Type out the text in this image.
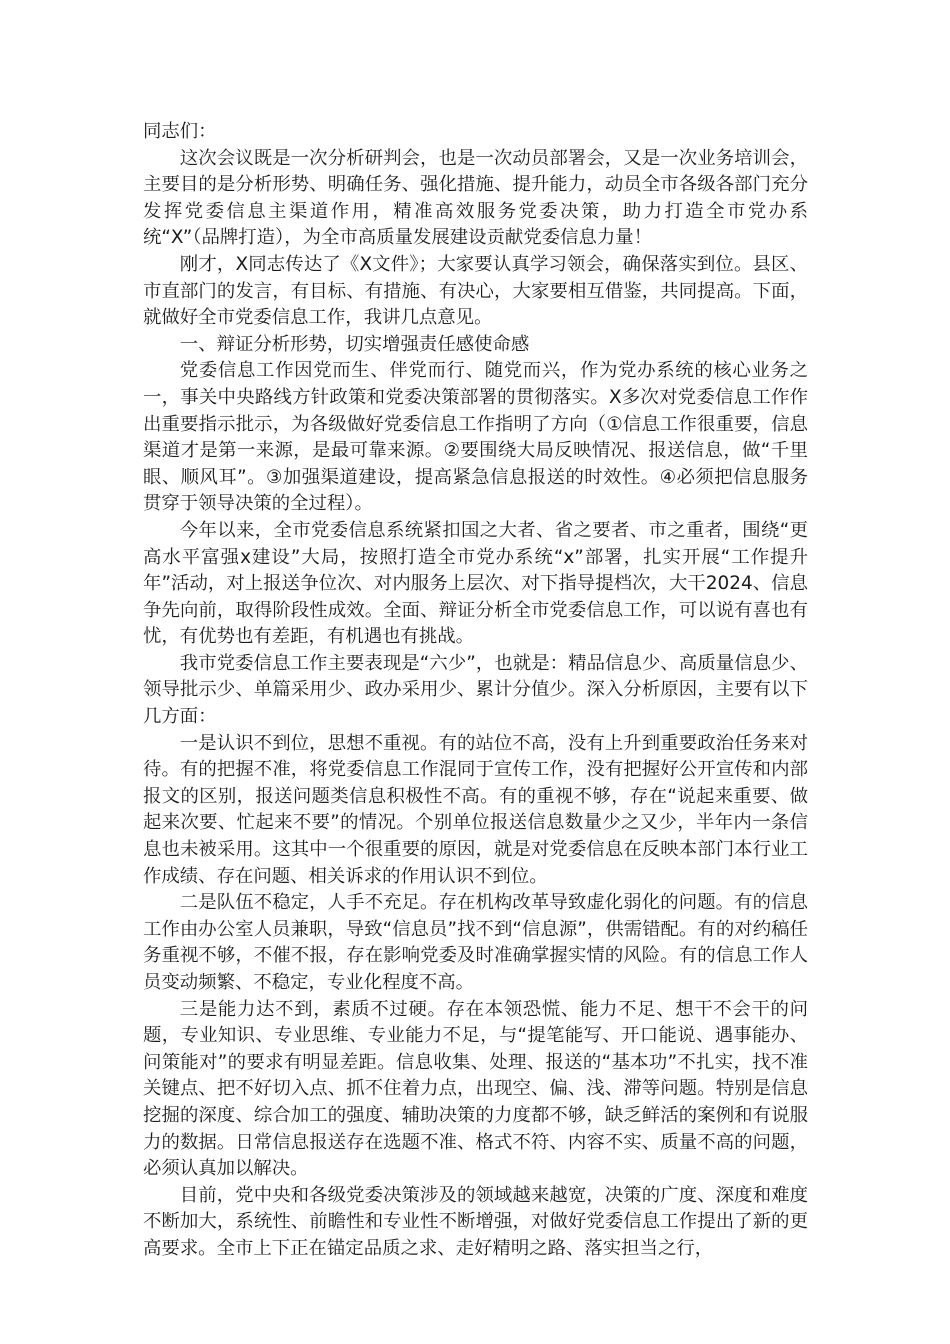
同志们：

这次会议既是一次分析研判会，也是一次动员部署会，又是一次业务培训会，主要目的是分析形势、明确任务、强化措施、提升能力，动员全市各级各部门充分发挥党委信息主渠道作用，精准高效服务党委决策，助力打造全市党办系统“X”（品牌打造），为全市高质量发展建设贡献党委信息力量！

刚才，X同志传达了《X文件》；大家要认真学习领会，确保落实到位。县区、市直部门的发言，有目标、有措施、有决心，大家要相互借鉴，共同提高。下面，就做好全市党委信息工作，我讲几点意见。

一、辩证分析形势，切实增强责任感使命感

党委信息工作因党而生、伴党而行、随党而兴，作为党办系统的核心业务之一，事关中央路线方针政策和党委决策部署的贯彻落实。X多次对党委信息工作作出重要指示批示，为各级做好党委信息工作指明了方向（①信息工作很重要，信息渠道才是第一来源，是最可靠来源。②要围绕大局反映情况、报送信息，做“千里眼、顺风耳”。③加强渠道建设，提高紧急信息报送的时效性。④必须把信息服务贯穿于领导决策的全过程）。

今年以来，全市党委信息系统紧扣国之大者、省之要者、市之重者，围绕“更高水平富强x建设”大局，按照打造全市党办系统“x”部署，扎实开展“工作提升年”活动，对上报送争位次、对内服务上层次、对下指导提档次，大干2024、信息争先向前，取得阶段性成效。全面、辩证分析全市党委信息工作，可以说有喜也有忧，有优势也有差距，有机遇也有挑战。

我市党委信息工作主要表现是“六少”，也就是：精品信息少、高质量信息少、领导批示少、单篇采用少、政办采用少、累计分值少。深入分析原因，主要有以下几方面：

一是认识不到位，思想不重视。有的站位不高，没有上升到重要政治任务来对待。有的把握不准，将党委信息工作混同于宣传工作，没有把握好公开宣传和内部报文的区别，报送问题类信息积极性不高。有的重视不够，存在“说起来重要、做起来次要、忙起来不要”的情况。个别单位报送信息数量少之又少，半年内一条信息也未被采用。这其中一个很重要的原因，就是对党委信息在反映本部门本行业工作成绩、存在问题、相关诉求的作用认识不到位。

二是队伍不稳定，人手不充足。存在机构改革导致虚化弱化的问题。有的信息工作由办公室人员兼职，导致“信息员”找不到“信息源”，供需错配。有的对约稿任务重视不够，不催不报，存在影响党委及时准确掌握实情的风险。有的信息工作人员变动频繁、不稳定，专业化程度不高。

三是能力达不到，素质不过硬。存在本领恐慌、能力不足、想干不会干的问题，专业知识、专业思维、专业能力不足，与“提笔能写、开口能说、遇事能办、问策能对”的要求有明显差距。信息收集、处理、报送的“基本功”不扎实，找不准关键点、把不好切入点、抓不住着力点，出现空、偏、浅、滞等问题。特别是信息挖掘的深度、综合加工的强度、辅助决策的力度都不够，缺乏鲜活的案例和有说服力的数据。日常信息报送存在选题不准、格式不符、内容不实、质量不高的问题，必须认真加以解决。

目前，党中央和各级党委决策涉及的领域越来越宽，决策的广度、深度和难度不断加大，系统性、前瞻性和专业性不断增强，对做好党委信息工作提出了新的更高要求。全市上下正在锚定品质之求、走好精明之路、落实担当之行，
